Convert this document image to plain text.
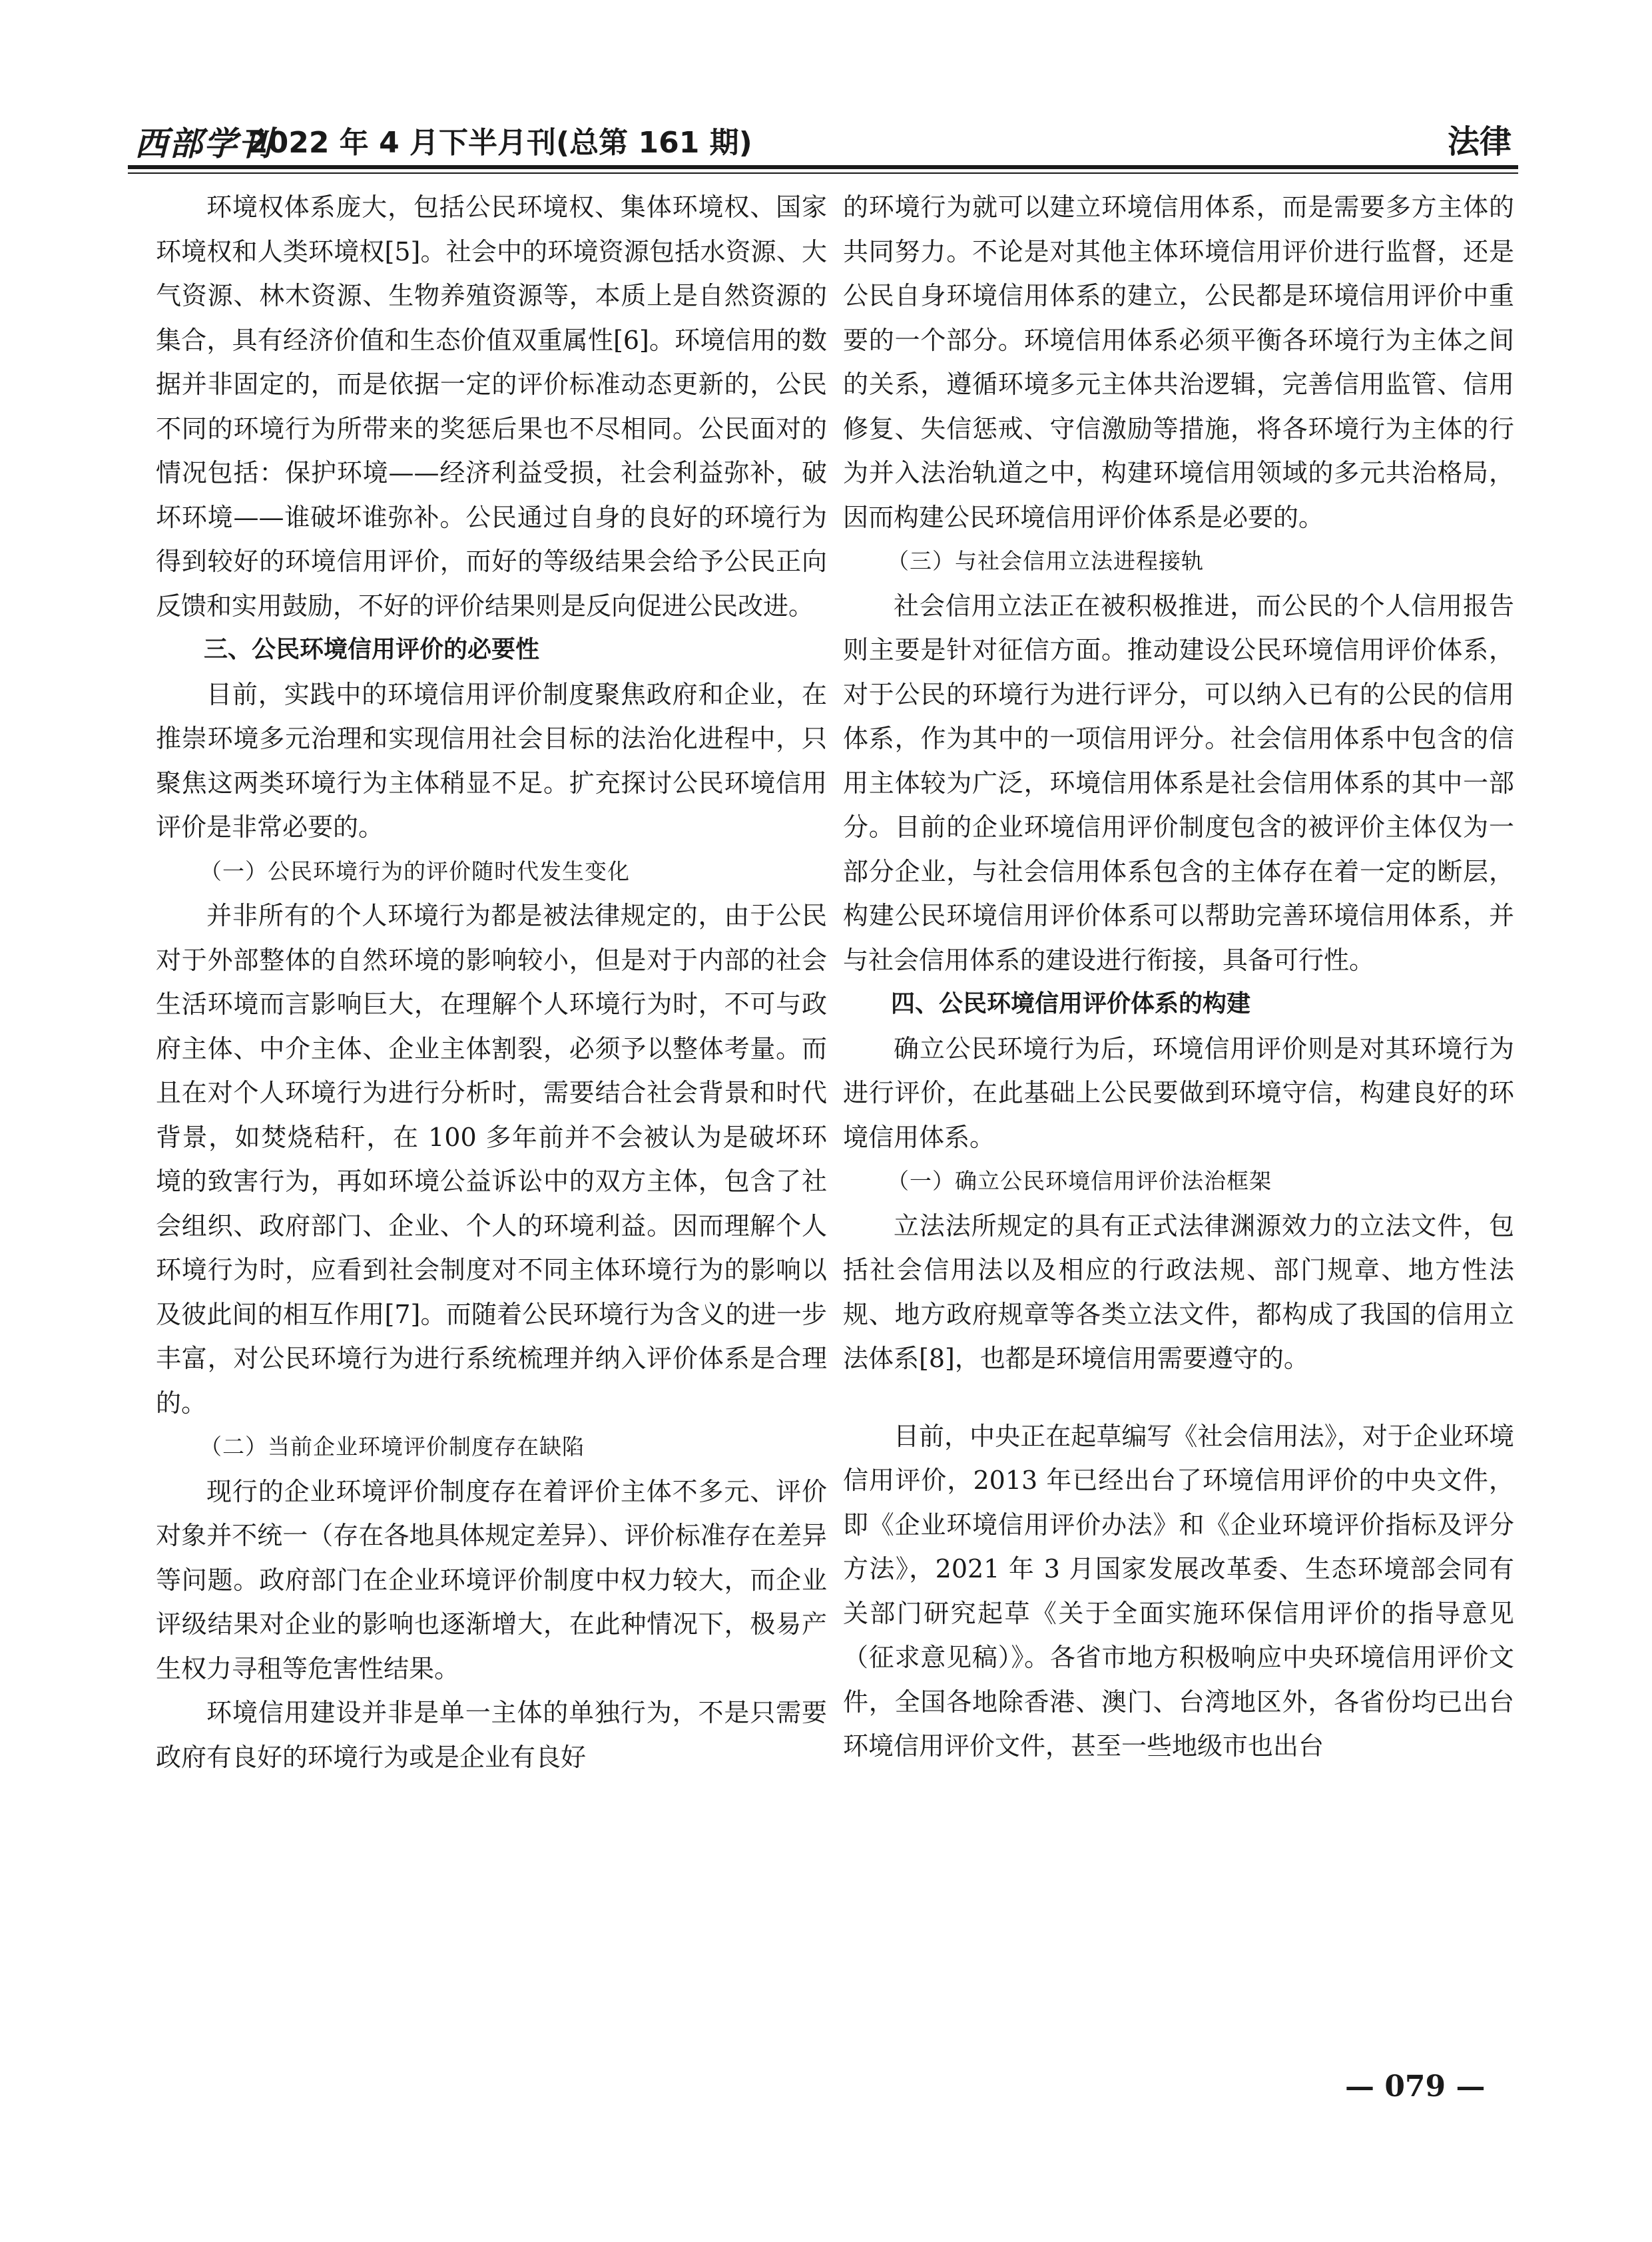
西部学刊
2022 年 4 月下半月刊(总第 161 期)	法律

环境权体系庞大，包括公民环境权、集体环境权、国家环境权和人类环境权[5]。社会中的环境资源包括水资源、大气资源、林木资源、生物养殖资源等，本质上是自然资源的集合，具有经济价值和生态价值双重属性[6]。环境信用的数据并非固定的，而是依据一定的评价标准动态更新的，公民不同的环境行为所带来的奖惩后果也不尽相同。公民面对的情况包括：保护环境——经济利益受损，社会利益弥补，破坏环境——谁破坏谁弥补。公民通过自身的良好的环境行为得到较好的环境信用评价，而好的等级结果会给予公民正向反馈和实用鼓励，不好的评价结果则是反向促进公民改进。

三、公民环境信用评价的必要性

目前，实践中的环境信用评价制度聚焦政府和企业，在推崇环境多元治理和实现信用社会目标的法治化进程中，只聚焦这两类环境行为主体稍显不足。扩充探讨公民环境信用评价是非常必要的。

（一）公民环境行为的评价随时代发生变化

并非所有的个人环境行为都是被法律规定的，由于公民对于外部整体的自然环境的影响较小，但是对于内部的社会生活环境而言影响巨大，在理解个人环境行为时，不可与政府主体、中介主体、企业主体割裂，必须予以整体考量。而且在对个人环境行为进行分析时，需要结合社会背景和时代背景，如焚烧秸秆，在 100 多年前并不会被认为是破坏环境的致害行为，再如环境公益诉讼中的双方主体，包含了社会组织、政府部门、企业、个人的环境利益。因而理解个人环境行为时，应看到社会制度对不同主体环境行为的影响以及彼此间的相互作用[7]。而随着公民环境行为含义的进一步丰富，对公民环境行为进行系统梳理并纳入评价体系是合理的。

（二）当前企业环境评价制度存在缺陷

现行的企业环境评价制度存在着评价主体不多元、评价对象并不统一（存在各地具体规定差异）、评价标准存在差异等问题。政府部门在企业环境评价制度中权力较大，而企业评级结果对企业的影响也逐渐增大，在此种情况下，极易产生权力寻租等危害性结果。

环境信用建设并非是单一主体的单独行为，不是只需要政府有良好的环境行为或是企业有良好

的环境行为就可以建立环境信用体系，而是需要多方主体的共同努力。不论是对其他主体环境信用评价进行监督，还是公民自身环境信用体系的建立，公民都是环境信用评价中重要的一个部分。环境信用体系必须平衡各环境行为主体之间的关系，遵循环境多元主体共治逻辑，完善信用监管、信用修复、失信惩戒、守信激励等措施，将各环境行为主体的行为并入法治轨道之中，构建环境信用领域的多元共治格局，因而构建公民环境信用评价体系是必要的。

（三）与社会信用立法进程接轨

社会信用立法正在被积极推进，而公民的个人信用报告则主要是针对征信方面。推动建设公民环境信用评价体系，对于公民的环境行为进行评分，可以纳入已有的公民的信用体系，作为其中的一项信用评分。社会信用体系中包含的信用主体较为广泛，环境信用体系是社会信用体系的其中一部分。目前的企业环境信用评价制度包含的被评价主体仅为一部分企业，与社会信用体系包含的主体存在着一定的断层，构建公民环境信用评价体系可以帮助完善环境信用体系，并与社会信用体系的建设进行衔接，具备可行性。

四、公民环境信用评价体系的构建

确立公民环境行为后，环境信用评价则是对其环境行为进行评价，在此基础上公民要做到环境守信，构建良好的环境信用体系。

（一）确立公民环境信用评价法治框架

立法法所规定的具有正式法律渊源效力的立法文件，包括社会信用法以及相应的行政法规、部门规章、地方性法规、地方政府规章等各类立法文件，都构成了我国的信用立法体系[8]，也都是环境信用需要遵守的。

目前，中央正在起草编写《社会信用法》，对于企业环境信用评价，2013 年已经出台了环境信用评价的中央文件，即《企业环境信用评价办法》和《企业环境评价指标及评分方法》，2021 年 3 月国家发展改革委、生态环境部会同有关部门研究起草《关于全面实施环保信用评价的指导意见（征求意见稿）》。各省市地方积极响应中央环境信用评价文件，全国各地除香港、澳门、台湾地区外，各省份均已出台环境信用评价文件，甚至一些地级市也出台

— 079 —
